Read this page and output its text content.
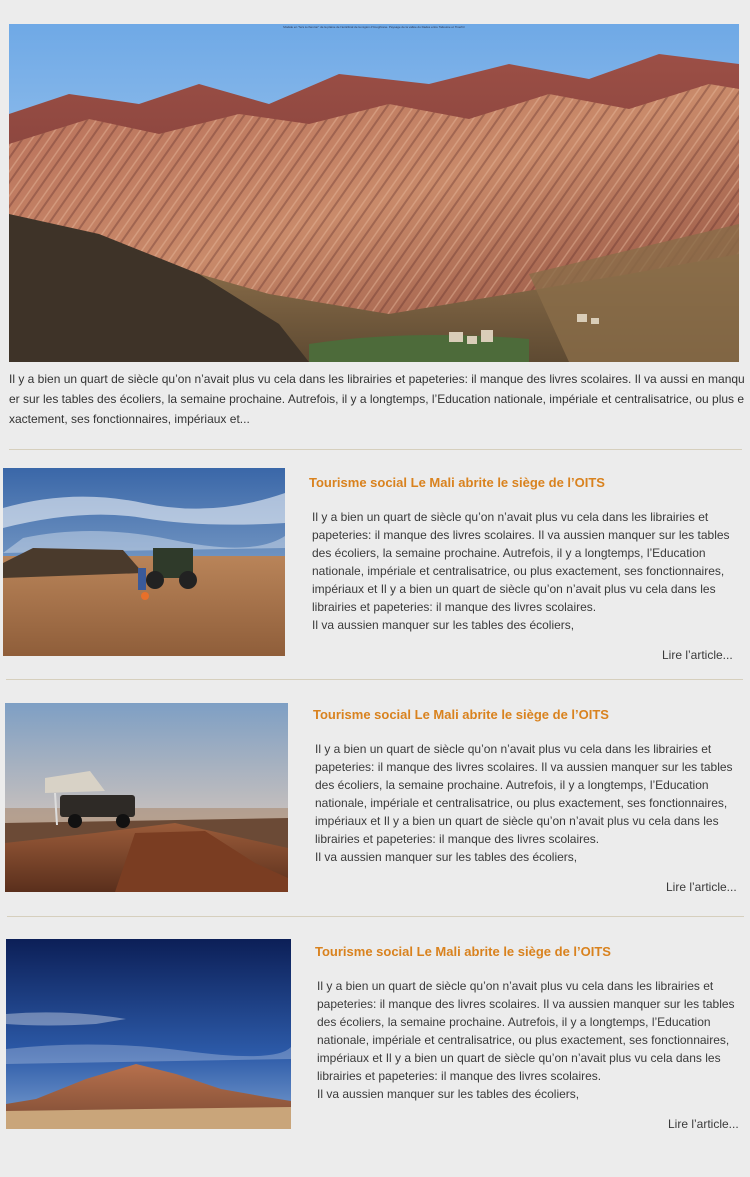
Modèle en "fers à chevron" de la plaine de l'anticlinal de la région d'Imoghrane. Paysage de la vallée du Dadès entre Taliouine et Tinerhir

Il y a bien un quart de siècle qu’on n’avait plus vu cela dans les librairies et papeteries: il manque des livres scolaires. Il va aussi en manquer sur les tables des écoliers, la semaine prochaine. Autrefois, il y a longtemps, l’Education nationale, impériale et centralisatrice, ou plus exactement, ses fonctionnaires, impériaux et...

Tourisme social Le Mali abrite le siège de l’OITS

Il y a bien un quart de siècle qu’on n’avait plus vu cela dans les librairies et papeteries: il manque des livres scolaires. Il va aussien manquer sur les tables des écoliers, la semaine prochaine. Autrefois, il y a longtemps, l’Education nationale, impériale et centralisatrice, ou plus exactement, ses fonctionnaires, impériaux et Il y a bien un quart de siècle qu’on n’avait plus vu cela dans les librairies et papeteries: il manque des livres scolaires.
Il va aussien manquer sur les tables des écoliers,

Lire l’article...
Tourisme social Le Mali abrite le siège de l’OITS

Il y a bien un quart de siècle qu’on n’avait plus vu cela dans les librairies et papeteries: il manque des livres scolaires. Il va aussien manquer sur les tables des écoliers, la semaine prochaine. Autrefois, il y a longtemps, l’Education nationale, impériale et centralisatrice, ou plus exactement, ses fonctionnaires, impériaux et Il y a bien un quart de siècle qu’on n’avait plus vu cela dans les librairies et papeteries: il manque des livres scolaires.
Il va aussien manquer sur les tables des écoliers,

Lire l’article...
Tourisme social Le Mali abrite le siège de l’OITS

Il y a bien un quart de siècle qu’on n’avait plus vu cela dans les librairies et papeteries: il manque des livres scolaires. Il va aussien manquer sur les tables des écoliers, la semaine prochaine. Autrefois, il y a longtemps, l’Education nationale, impériale et centralisatrice, ou plus exactement, ses fonctionnaires, impériaux et Il y a bien un quart de siècle qu’on n’avait plus vu cela dans les librairies et papeteries: il manque des livres scolaires.
Il va aussien manquer sur les tables des écoliers,

Lire l’article...
